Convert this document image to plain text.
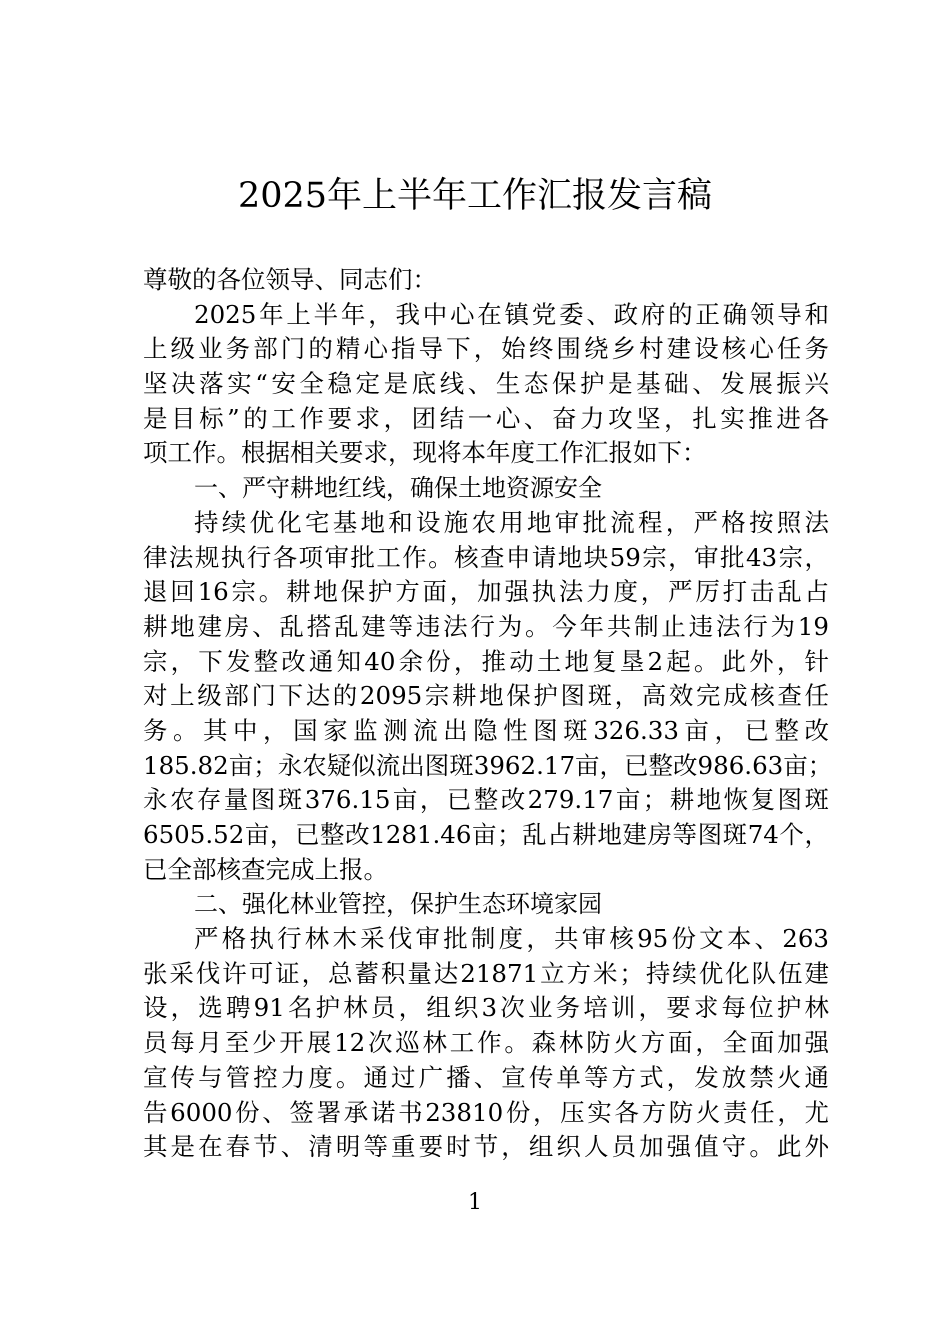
2025年上半年工作汇报发言稿
尊敬的各位领导、同志们：
2025年上半年，我中心在镇党委、政府的正确领导和
上级业务部门的精心指导下，始终围绕乡村建设核心任务
坚决落实“安全稳定是底线、生态保护是基础、发展振兴
是目标”的工作要求，团结一心、奋力攻坚，扎实推进各
项工作。根据相关要求，现将本年度工作汇报如下：
一、严守耕地红线，确保土地资源安全
持续优化宅基地和设施农用地审批流程，严格按照法
律法规执行各项审批工作。核查申请地块59宗，审批43宗，
退回16宗。耕地保护方面，加强执法力度，严厉打击乱占
耕地建房、乱搭乱建等违法行为。今年共制止违法行为19
宗，下发整改通知40余份，推动土地复垦2起。此外，针
对上级部门下达的2095宗耕地保护图斑，高效完成核查任
务。其中，国家监测流出隐性图斑326.33亩，已整改
185.82亩；永农疑似流出图斑3962.17亩，已整改986.63亩；
永农存量图斑376.15亩，已整改279.17亩；耕地恢复图斑
6505.52亩，已整改1281.46亩；乱占耕地建房等图斑74个，
已全部核查完成上报。
二、强化林业管控，保护生态环境家园
严格执行林木采伐审批制度，共审核95份文本、263
张采伐许可证，总蓄积量达21871立方米；持续优化队伍建
设，选聘91名护林员，组织3次业务培训，要求每位护林
员每月至少开展12次巡林工作。森林防火方面，全面加强
宣传与管控力度。通过广播、宣传单等方式，发放禁火通
告6000份、签署承诺书23810份，压实各方防火责任，尤
其是在春节、清明等重要时节，组织人员加强值守。此外
1
